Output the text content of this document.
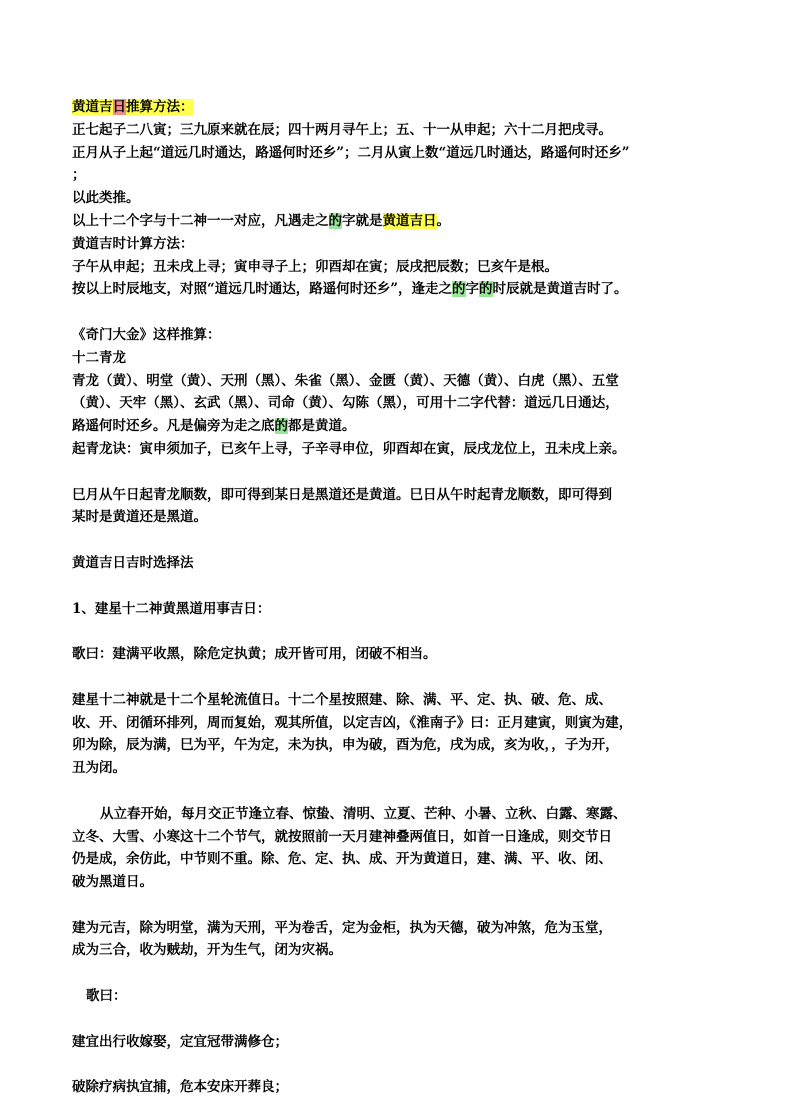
黄道吉日推算方法：
正七起子二八寅；三九原来就在辰；四十两月寻午上；五、十一从申起；六十二月把戌寻。
正月从子上起“道远几时通达，路遥何时还乡”；二月从寅上数“道远几时通达，路遥何时还乡”
；
以此类推。
以上十二个字与十二神一一对应，凡遇走之的字就是黄道吉日。
黄道吉时计算方法：
子午从申起；丑未戌上寻；寅申寻子上；卯酉却在寅；辰戌把辰数；巳亥午是根。
按以上时辰地支，对照“道远几时通达，路遥何时还乡”，逢走之的字的时辰就是黄道吉时了。
《奇门大金》这样推算：
十二青龙
青龙（黄）、明堂（黄）、天刑（黑）、朱雀（黑）、金匮（黄）、天德（黄）、白虎（黑）、五堂
（黄）、天牢（黑）、玄武（黑）、司命（黄）、勾陈（黑），可用十二字代替：道远几日通达，
路遥何时还乡。凡是偏旁为走之底的都是黄道。
起青龙诀：寅申须加子，已亥午上寻，子辛寻申位，卯酉却在寅，辰戌龙位上，丑未戌上亲。
巳月从午日起青龙顺数，即可得到某日是黑道还是黄道。巳日从午时起青龙顺数，即可得到
某时是黄道还是黑道。
黄道吉日吉时选择法
1、建星十二神黄黑道用事吉日：
歌曰：建满平收黑，除危定执黄；成开皆可用，闭破不相当。
建星十二神就是十二个星轮流值日。十二个星按照建、除、满、平、定、执、破、危、成、
收、开、闭循环排列，周而复始，观其所值，以定吉凶，《淮南子》曰：正月建寅，则寅为建，
卯为除，辰为满，巳为平，午为定，未为执，申为破，酉为危，戌为成，亥为收，，子为开，
丑为闭。
从立春开始，每月交正节逢立春、惊蛰、清明、立夏、芒种、小暑、立秋、白露、寒露、
立冬、大雪、小寒这十二个节气，就按照前一天月建神叠两值日，如首一日逢成，则交节日
仍是成，余仿此，中节则不重。除、危、定、执、成、开为黄道日，建、满、平、收、闭、
破为黑道日。
建为元吉，除为明堂，满为天刑，平为卷舌，定为金柜，执为天德，破为冲煞，危为玉堂，
成为三合，收为贼劫，开为生气，闭为灾祸。
歌曰：
建宜出行收嫁娶，定宜冠带满修仓；
破除疗病执宜捕，危本安床开葬良；
